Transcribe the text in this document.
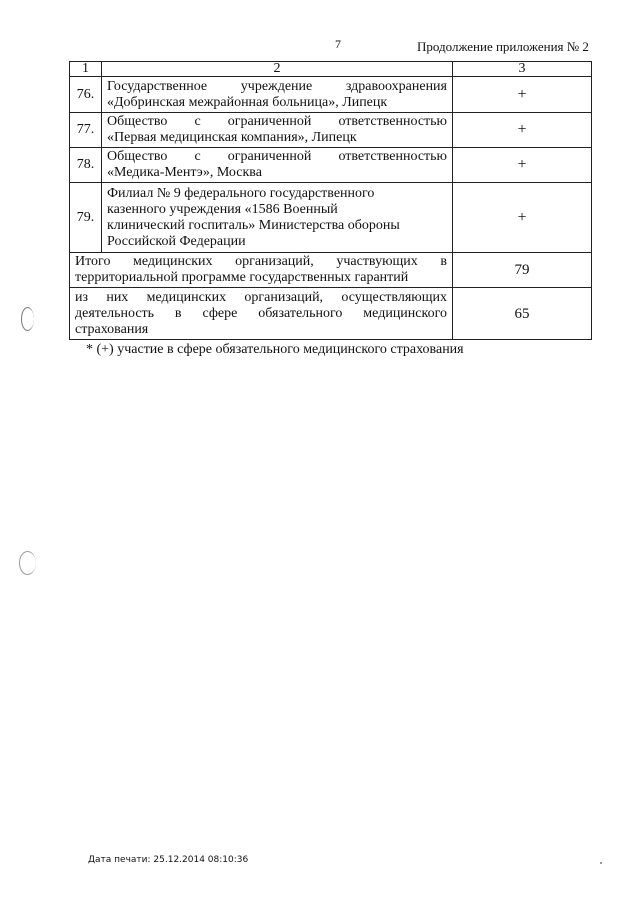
7	Продолжение приложения № 2
1	2	3
76.	Государственное учреждение здравоохранения
«Добринская межрайонная больница», Липецк	+
77.	Общество с ограниченной ответственностью
«Первая медицинская компания», Липецк	+
78.	Общество с ограниченной ответственностью
«Медика-Ментэ», Москва	+
79.	Филиал № 9 федерального государственного
казенного учреждения «1586 Военный
клинический госпиталь» Министерства обороны
Российской Федерации	+

Итого медицинских организаций, участвующих в
территориальной программе государственных гарантий		79

из них медицинских организаций, осуществляющих
деятельность в сфере обязательного медицинского
страхования		65
* (+) участие в сфере обязательного медицинского страхования
Дата печати: 25.12.2014 08:10:36
